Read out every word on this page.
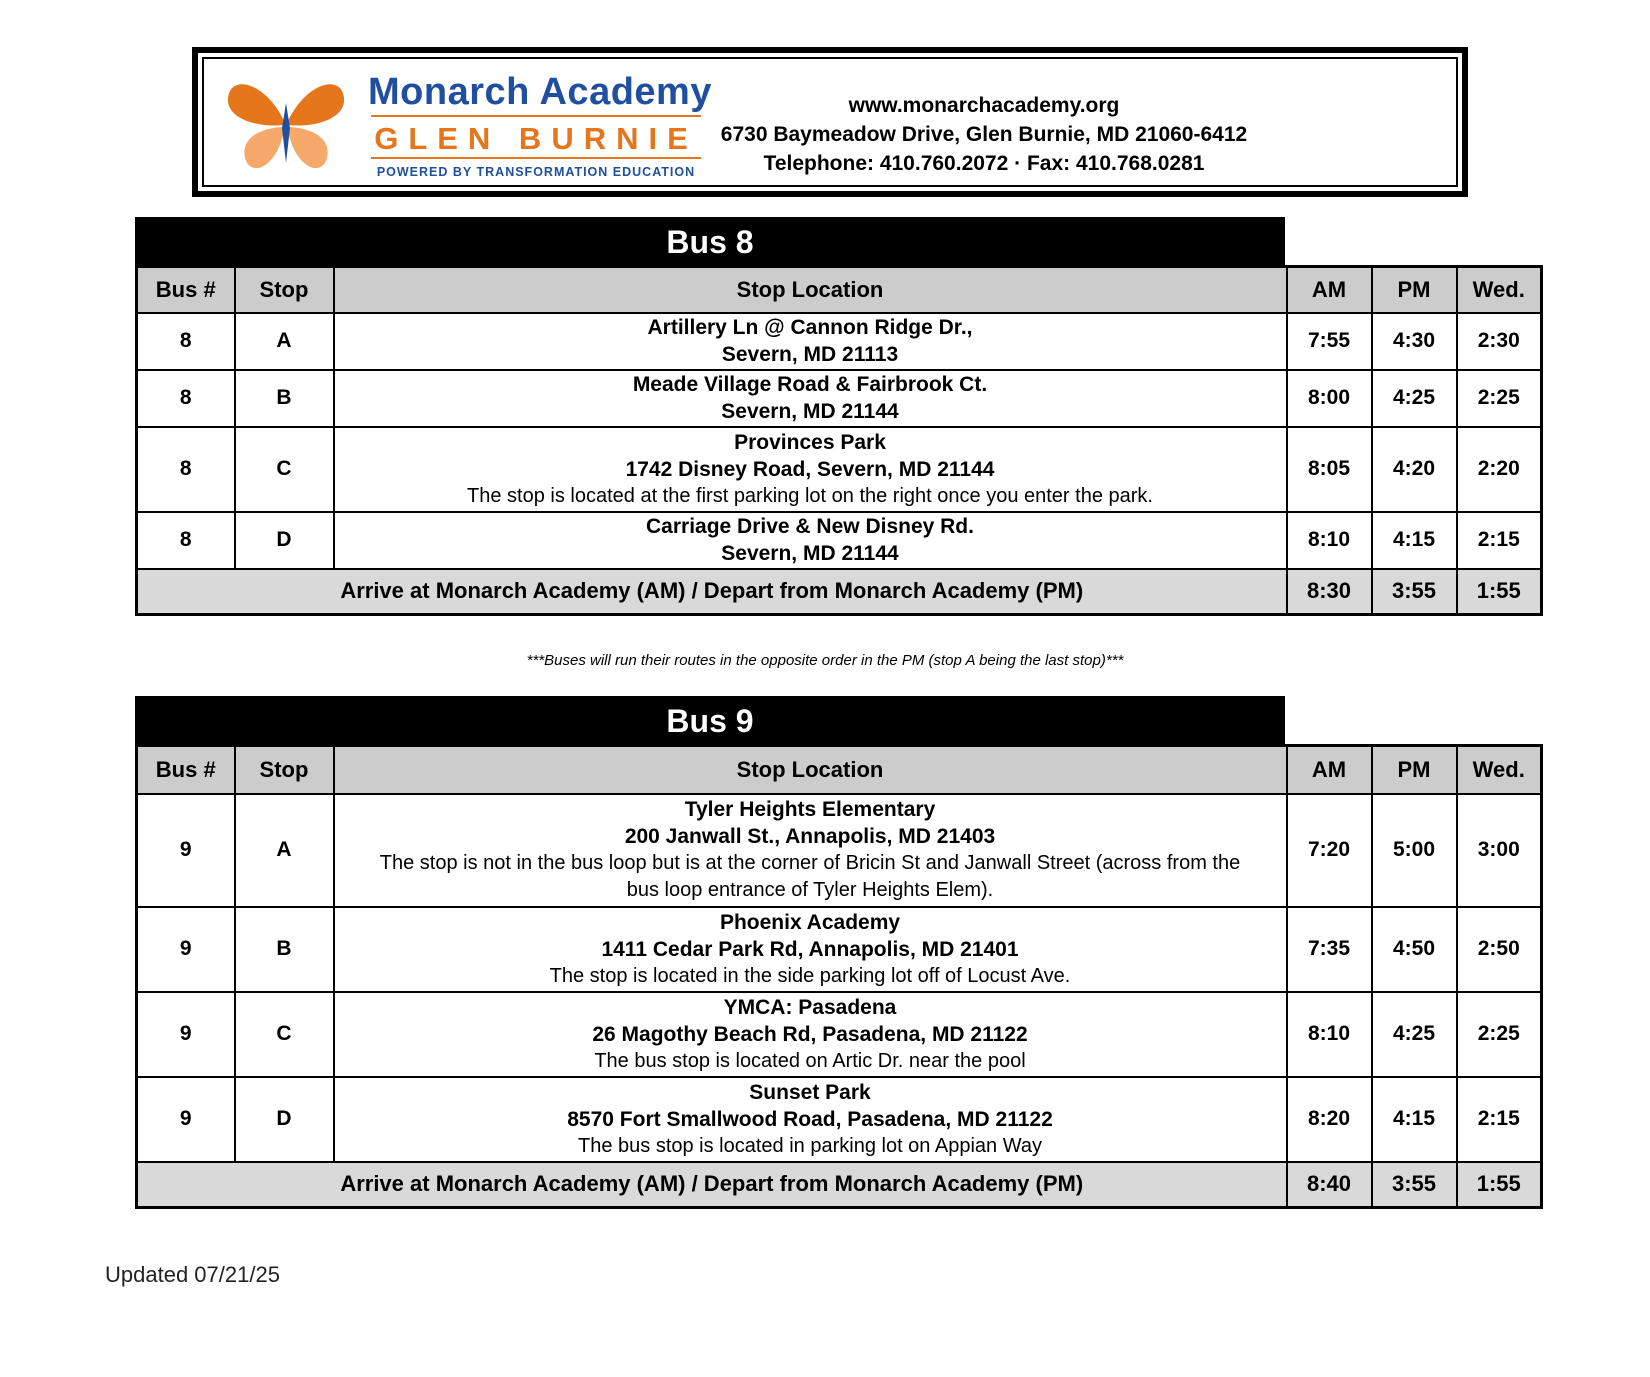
Monarch Academy
GLEN BURNIE
POWERED BY TRANSFORMATION EDUCATION
www.monarchacademy.org
6730 Baymeadow Drive, Glen Burnie, MD 21060-6412
Telephone: 410.760.2072 · Fax: 410.768.0281
Bus 8
Bus #	Stop	Stop Location	AM	PM	Wed.
8	A	Artillery Ln @ Cannon Ridge Dr.,
Severn, MD 21113	7:55	4:30	2:30
8	B	Meade Village Road & Fairbrook Ct.
Severn, MD 21144	8:00	4:25	2:25
8	C	Provinces Park
1742 Disney Road, Severn, MD 21144
The stop is located at the first parking lot on the right once you enter the park.	8:05	4:20	2:20
8	D	Carriage Drive & New Disney Rd.
Severn, MD 21144	8:10	4:15	2:15
Arrive at Monarch Academy (AM) / Depart from Monarch Academy (PM)			8:30	3:55	1:55
***Buses will run their routes in the opposite order in the PM (stop A being the last stop)***
Bus 9
Bus #	Stop	Stop Location	AM	PM	Wed.
9	A	Tyler Heights Elementary
200 Janwall St., Annapolis, MD 21403
The stop is not in the bus loop but is at the corner of Bricin St and Janwall Street (across from the bus loop entrance of Tyler Heights Elem).	7:20	5:00	3:00
9	B	Phoenix Academy
1411 Cedar Park Rd, Annapolis, MD 21401
The stop is located in the side parking lot off of Locust Ave.	7:35	4:50	2:50
9	C	YMCA: Pasadena
26 Magothy Beach Rd, Pasadena, MD 21122
The bus stop is located on Artic Dr. near the pool	8:10	4:25	2:25
9	D	Sunset Park
8570 Fort Smallwood Road, Pasadena, MD 21122
The bus stop is located in parking lot on Appian Way	8:20	4:15	2:15
Arrive at Monarch Academy (AM) / Depart from Monarch Academy (PM)			8:40	3:55	1:55
Updated 07/21/25
